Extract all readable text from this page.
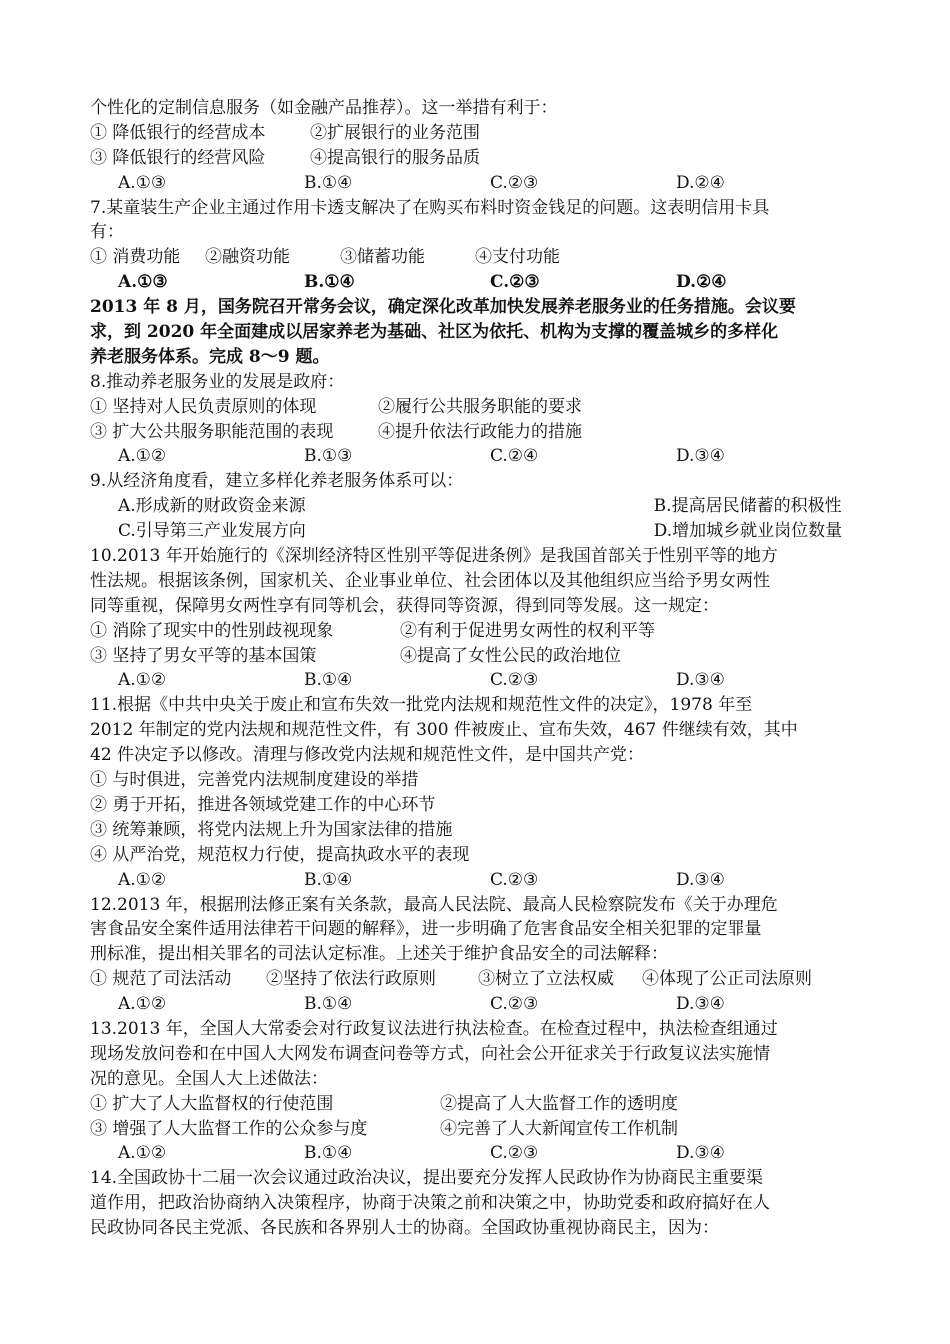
个性化的定制信息服务（如金融产品推荐）。这一举措有利于：
① 降低银行的经营成本	②扩展银行的业务范围
③ 降低银行的经营风险	④提高银行的服务品质
A.①③	B.①④	C.②③	D.②④
7.某童装生产企业主通过作用卡透支解决了在购买布料时资金钱足的问题。这表明信用卡具
有：
① 消费功能	②融资功能	③储蓄功能	④支付功能
A.①③	B.①④	C.②③	D.②④
2013 年 8 月，国务院召开常务会议，确定深化改革加快发展养老服务业的任务措施。会议要
求，到 2020 年全面建成以居家养老为基础、社区为依托、机构为支撑的覆盖城乡的多样化
养老服务体系。完成 8～9 题。
8.推动养老服务业的发展是政府：
① 坚持对人民负责原则的体现	②履行公共服务职能的要求
③ 扩大公共服务职能范围的表现	④提升依法行政能力的措施
A.①②	B.①③	C.②④	D.③④
9.从经济角度看，建立多样化养老服务体系可以：
A.形成新的财政资金来源	B.提高居民储蓄的积极性
C.引导第三产业发展方向	D.增加城乡就业岗位数量
10.2013 年开始施行的《深圳经济特区性别平等促进条例》是我国首部关于性别平等的地方
性法规。根据该条例，国家机关、企业事业单位、社会团体以及其他组织应当给予男女两性
同等重视，保障男女两性享有同等机会，获得同等资源，得到同等发展。这一规定：
① 消除了现实中的性别歧视现象	②有利于促进男女两性的权利平等
③ 坚持了男女平等的基本国策	④提高了女性公民的政治地位
A.①②	B.①④	C.②③	D.③④
11.根据《中共中央关于废止和宣布失效一批党内法规和规范性文件的决定》，1978 年至
2012 年制定的党内法规和规范性文件，有 300 件被废止、宣布失效，467 件继续有效，其中
42 件决定予以修改。清理与修改党内法规和规范性文件，是中国共产党：
① 与时俱进，完善党内法规制度建设的举措
② 勇于开拓，推进各领域党建工作的中心环节
③ 统筹兼顾，将党内法规上升为国家法律的措施
④ 从严治党，规范权力行使，提高执政水平的表现
A.①②	B.①④	C.②③	D.③④
12.2013 年，根据刑法修正案有关条款，最高人民法院、最高人民检察院发布《关于办理危
害食品安全案件适用法律若干问题的解释》，进一步明确了危害食品安全相关犯罪的定罪量
刑标准，提出相关罪名的司法认定标准。上述关于维护食品安全的司法解释：
① 规范了司法活动	②坚持了依法行政原则	③树立了立法权威	④体现了公正司法原则
A.①②	B.①④	C.②③	D.③④
13.2013 年，全国人大常委会对行政复议法进行执法检查。在检查过程中，执法检查组通过
现场发放问卷和在中国人大网发布调查问卷等方式，向社会公开征求关于行政复议法实施情
况的意见。全国人大上述做法：
① 扩大了人大监督权的行使范围	②提高了人大监督工作的透明度
③ 增强了人大监督工作的公众参与度	④完善了人大新闻宣传工作机制
A.①②	B.①④	C.②③	D.③④
14.全国政协十二届一次会议通过政治决议，提出要充分发挥人民政协作为协商民主重要渠
道作用，把政治协商纳入决策程序，协商于决策之前和决策之中，协助党委和政府搞好在人
民政协同各民主党派、各民族和各界别人士的协商。全国政协重视协商民主，因为：
